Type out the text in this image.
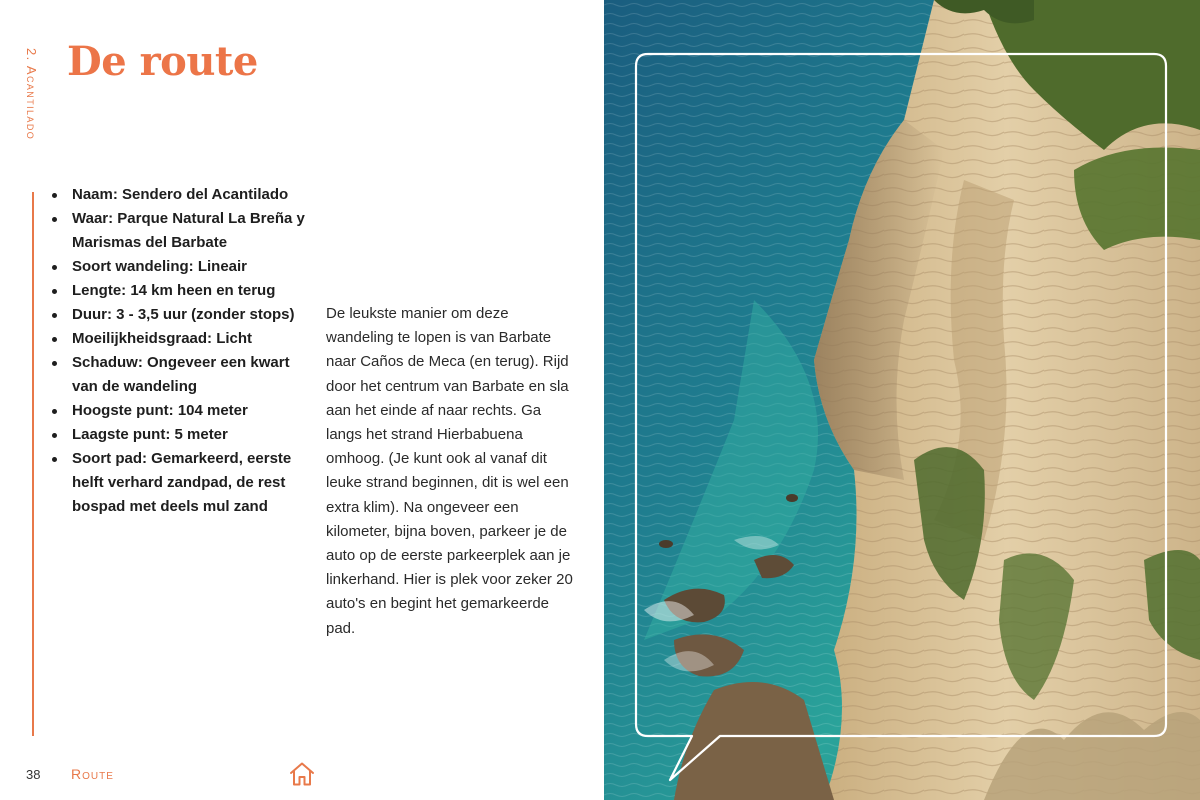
2. Acantilado De route
Naam: Sendero del Acantilado
Waar: Parque Natural La Breña y Marismas del Barbate
Soort wandeling: Lineair
Lengte: 14 km heen en terug
Duur: 3 - 3,5 uur (zonder stops)
Moeilijkheidsgraad: Licht
Schaduw: Ongeveer een kwart van de wandeling
Hoogste punt: 104 meter
Laagste punt: 5 meter
Soort pad: Gemarkeerd, eerste helft verhard zandpad, de rest bospad met deels mul zand

De leukste manier om deze wandeling te lopen is van Barbate naar Caños de Meca (en terug). Rijd door het centrum van Barbate en sla aan het einde af naar rechts. Ga langs het strand Hierbabuena omhoog. (Je kunt ook al vanaf dit leuke strand beginnen, dit is wel een extra klim). Na ongeveer een kilometer, bijna boven, parkeer je de auto op de eerste parkeerplek aan je linkerhand. Hier is plek voor zeker 20 auto's en begint het gemarkeerde pad.

38 Route
